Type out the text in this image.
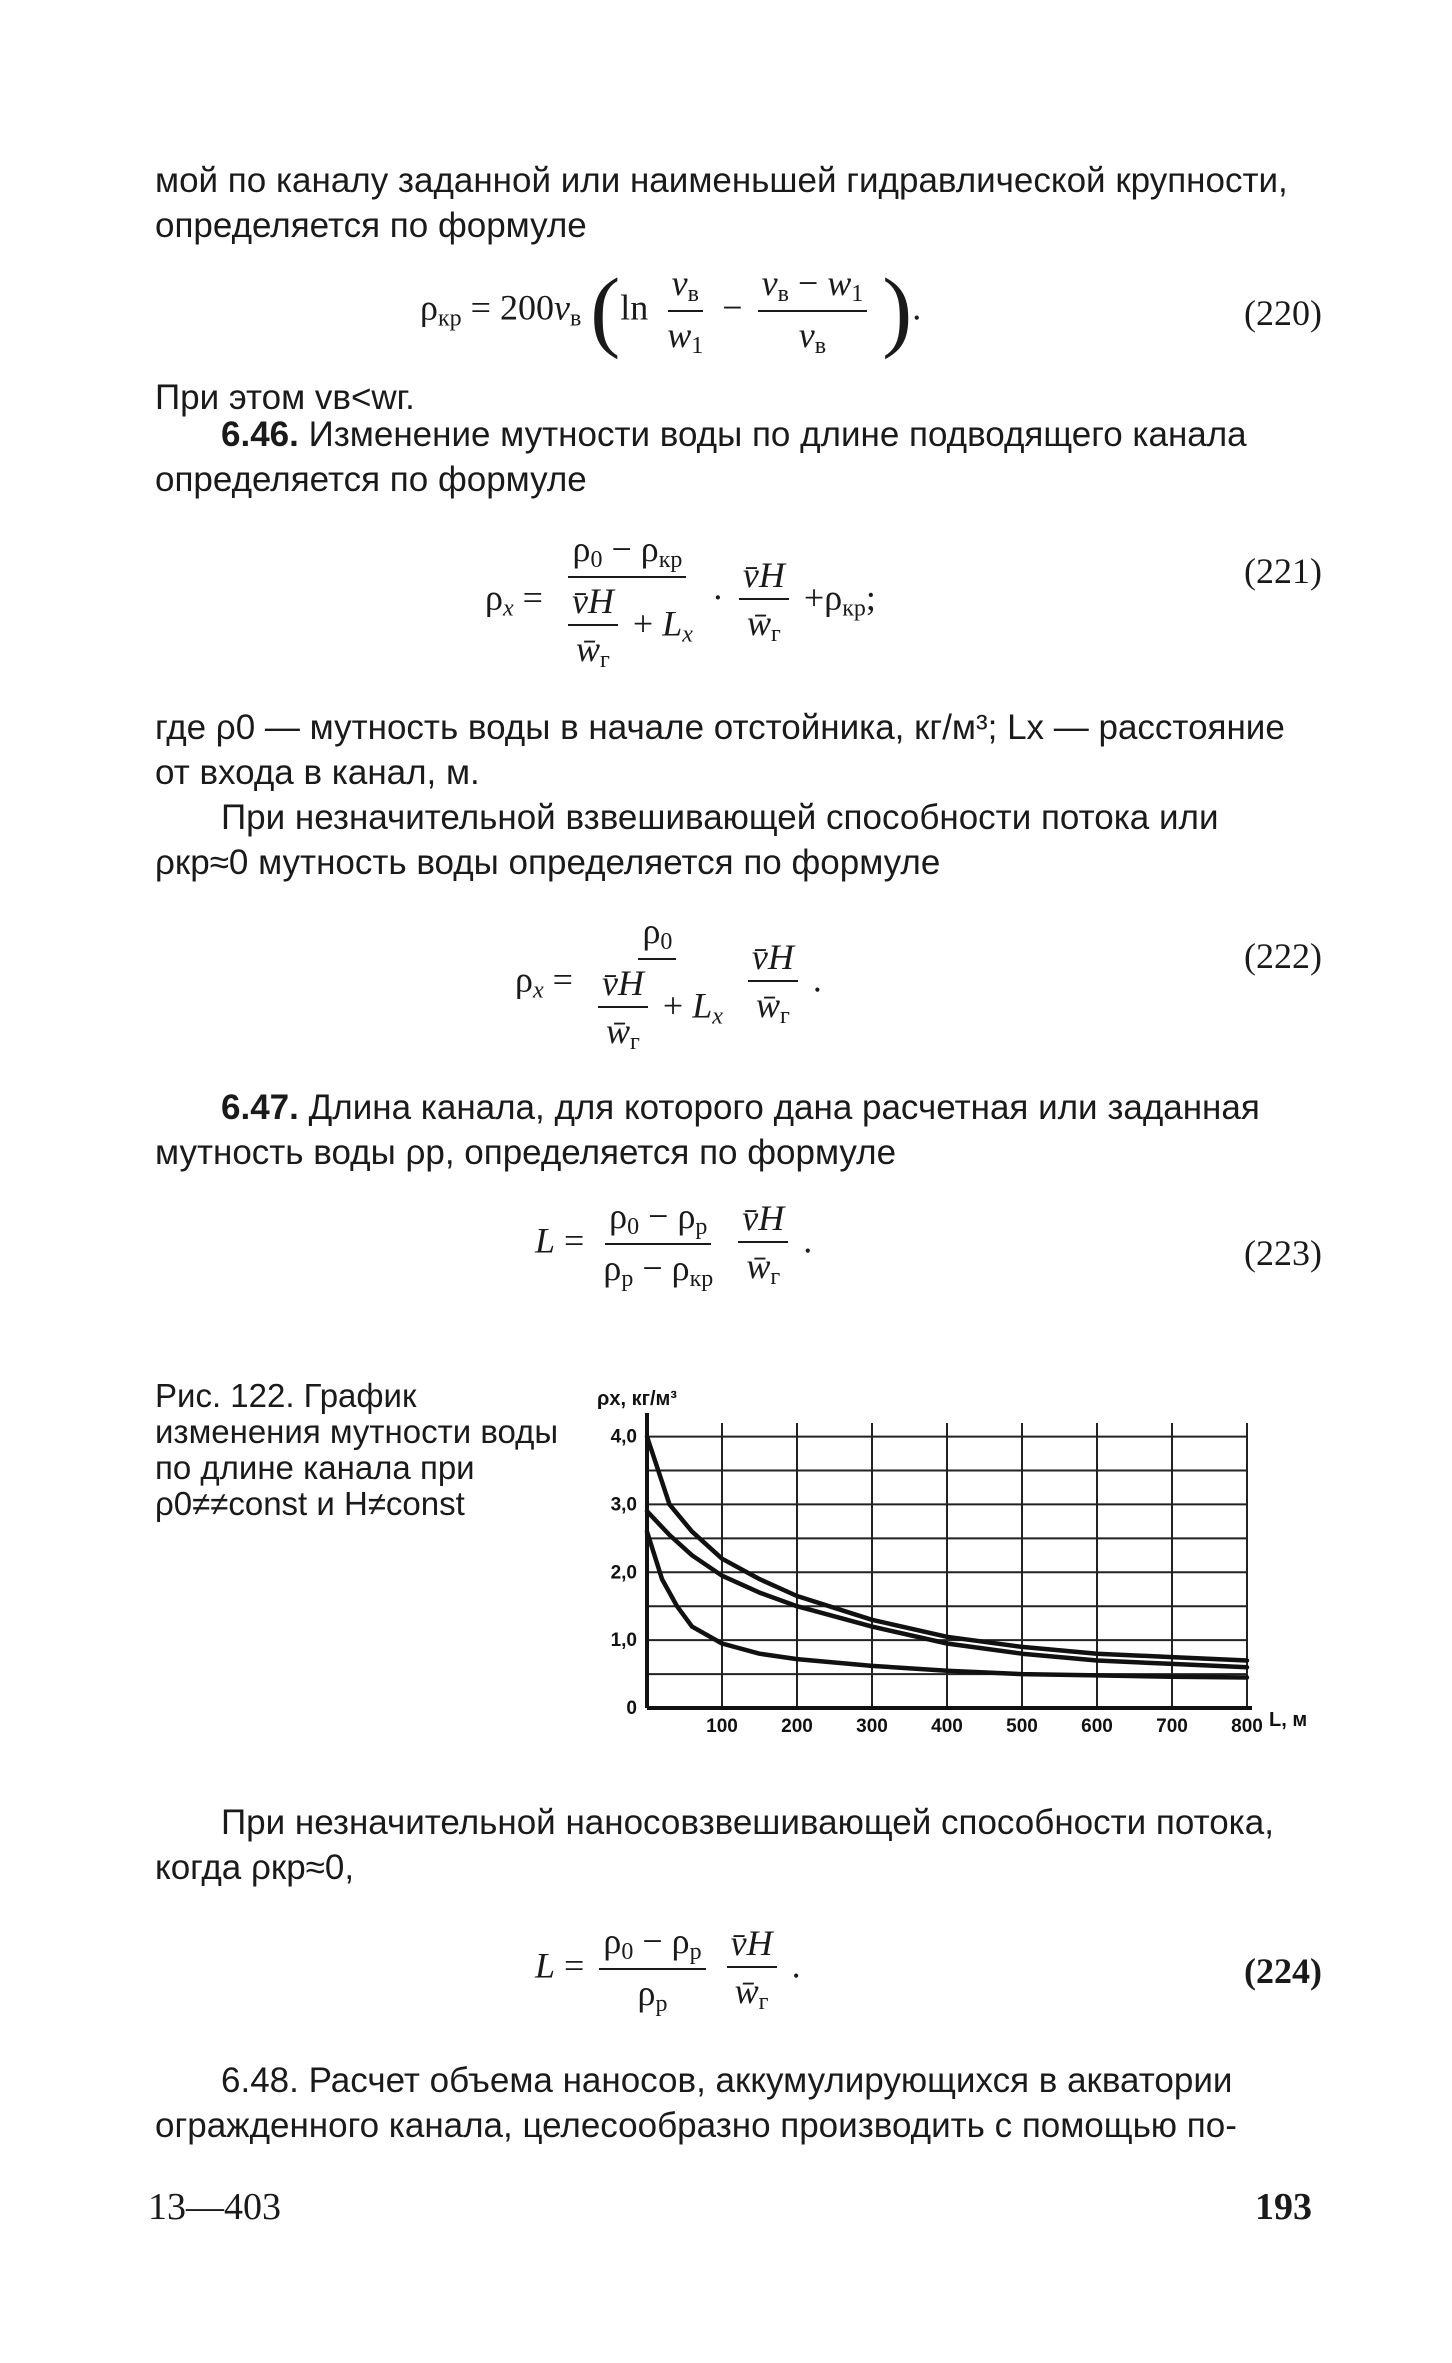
мой по каналу заданной или наименьшей гидравлической крупности,
определяется по формуле
$\rho_{кр} = 200v_в$ ($\ln \frac{v_в}{w_1} - \frac{v_в - w_1}{v_в}$ ).	(220)
При этом vв<wг.
6.46. Изменение мутности воды по длине подводящего канала
определяется по формуле
$\rho_x = \frac{\rho_0 - \rho_{кр}}{\frac{v̄H}{w̄_г} + L_x} \cdot \frac{v̄H}{w̄_г} +\rho_{кр}$;
(221)
где ρ0 — мутность воды в начале отстойника, кг/м³; Lx — расстояние
от входа в канал, м.
При незначительной взвешивающей способности потока или
ρкр≈0 мутность воды определяется по формуле
$\rho_x = \frac{\rho_0}{\frac{v̄H}{w̄_г} + L_x}$
$\frac{v̄H}{w̄_г}$ .
(222)
6.47. Длина канала, для которого дана расчетная или заданная
мутность воды ρр, определяется по формуле
$L = \frac{\rho_0 - \rho_р}{\rho_р - \rho_{кр}}$
$\frac{v̄H}{w̄_г}$ .	(223)
Рис. 122. График изменения мутности воды по длине канала при ρ0≠≠const и H≠const
0
1,0
2,0
3,0
4,0
100 200 300 400 500 600 700 800
ρx, кг/м³
L, м
При незначительной наносовзвешивающей способности потока,
когда ρкр≈0,
$L = \frac{\rho_0 - \rho_р}{\rho_р}$
$\frac{v̄H}{w̄_г}$ .	(224)
6.48. Расчет объема наносов, аккумулирующихся в акватории
огражденного канала, целесообразно производить с помощью по-
13—403	193
